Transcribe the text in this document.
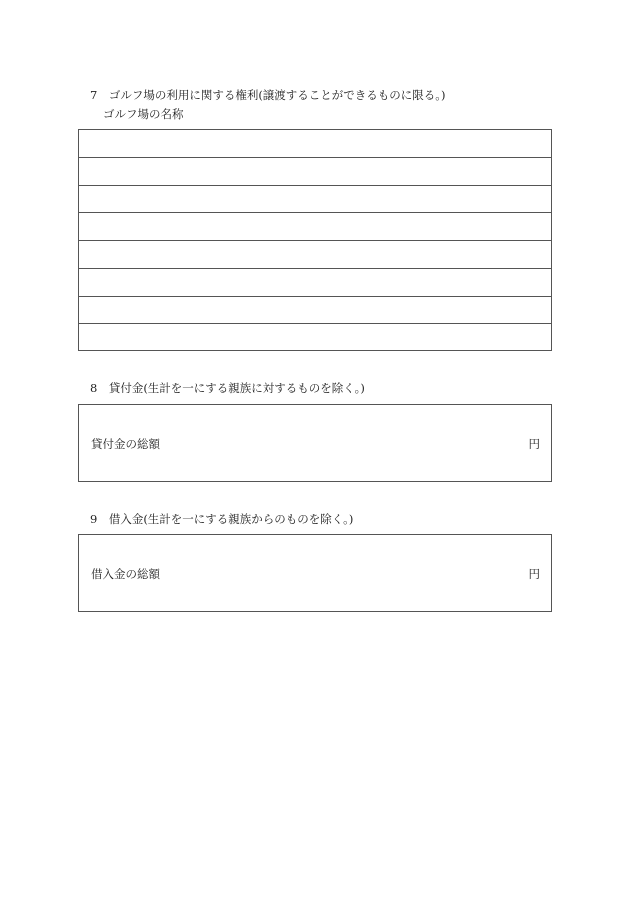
7　ゴルフ場の利用に関する権利(譲渡することができるものに限る。)
ゴルフ場の名称
8　貸付金(生計を一にする親族に対するものを除く。)
貸付金の総額	円
9　借入金(生計を一にする親族からのものを除く。)
借入金の総額	円
